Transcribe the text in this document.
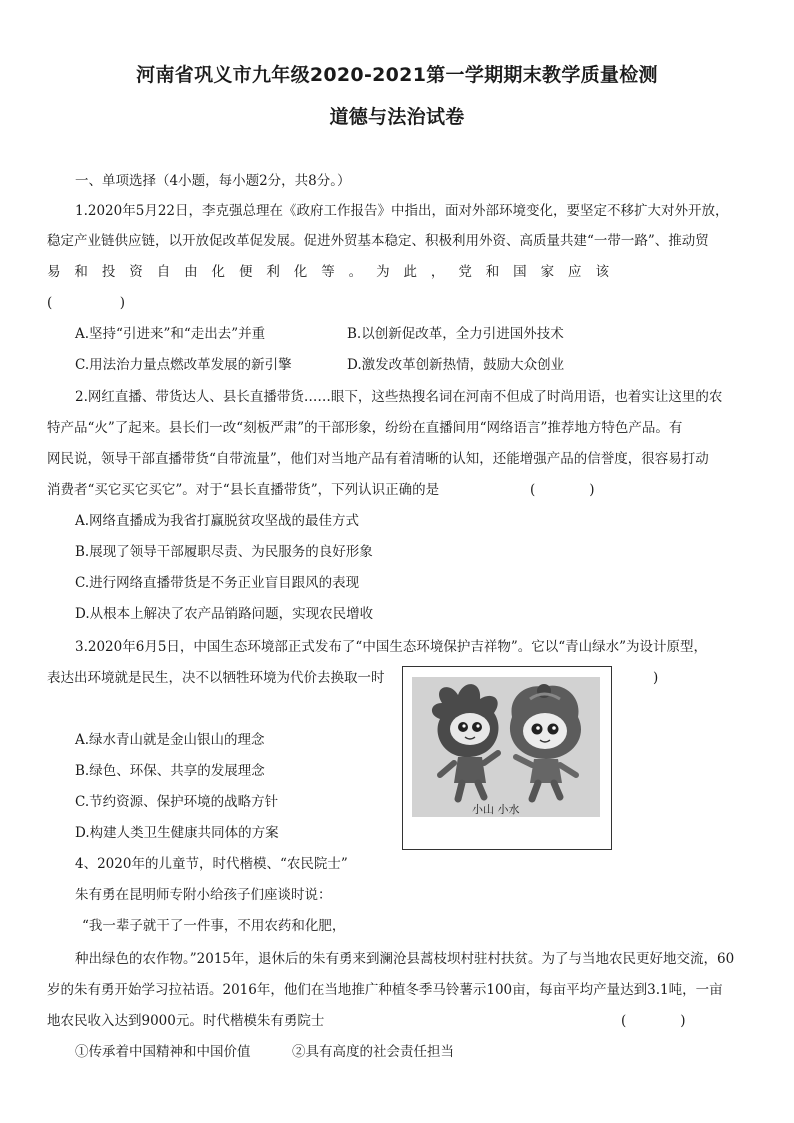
河南省巩义市九年级2020-2021第一学期期末教学质量检测
道德与法治试卷
一、单项选择（4小题，每小题2分，共8分。）
1.2020年5月22日，李克强总理在《政府工作报告》中指出，面对外部环境变化，要坚定不移扩大对外开放，
稳定产业链供应链，以开放促改革促发展。促进外贸基本稳定、积极利用外资、高质量共建“一带一路”、推动贸
易 和 投 资 自 由 化 便 利 化 等 。 为 此 ， 党 和 国 家 应 该
(　　　　　)
A.坚持“引进来”和“走出去”并重	B.以创新促改革，全力引进国外技术
C.用法治力量点燃改革发展的新引擎	D.激发改革创新热情，鼓励大众创业
2.网红直播、带货达人、县长直播带货……眼下，这些热搜名词在河南不但成了时尚用语，也着实让这里的农
特产品“火”了起来。县长们一改“刻板严肃”的干部形象，纷纷在直播间用“网络语言”推荐地方特色产品。有
网民说，领导干部直播带货“自带流量”，他们对当地产品有着清晰的认知，还能增强产品的信誉度，很容易打动
消费者“买它买它买它”。对于“县长直播带货”，下列认识正确的是	(　　　　)
A.网络直播成为我省打赢脱贫攻坚战的最佳方式
B.展现了领导干部履职尽责、为民服务的良好形象
C.进行网络直播带货是不务正业盲目跟风的表现
D.从根本上解决了农产品销路问题，实现农民增收
3.2020年6月5日，中国生态环境部正式发布了“中国生态环境保护吉祥物”。它以“青山绿水”为设计原型，
表达出环境就是民生，决不以牺牲环境为代价去换取一时	)
A.绿水青山就是金山银山的理念
B.绿色、环保、共享的发展理念
C.节约资源、保护环境的战略方针
D.构建人类卫生健康共同体的方案
小山 小水
4、2020年的儿童节，时代楷模、“农民院士”
朱有勇在昆明师专附小给孩子们座谈时说：
“我一辈子就干了一件事，不用农药和化肥，
种出绿色的农作物。”2015年，退休后的朱有勇来到澜沧县蒿枝坝村驻村扶贫。为了与当地农民更好地交流，60
岁的朱有勇开始学习拉祜语。2016年，他们在当地推广种植冬季马铃薯示100亩，每亩平均产量达到3.1吨，一亩
地农民收入达到9000元。时代楷模朱有勇院士	(　　　　)
①传承着中国精神和中国价值	②具有高度的社会责任担当
